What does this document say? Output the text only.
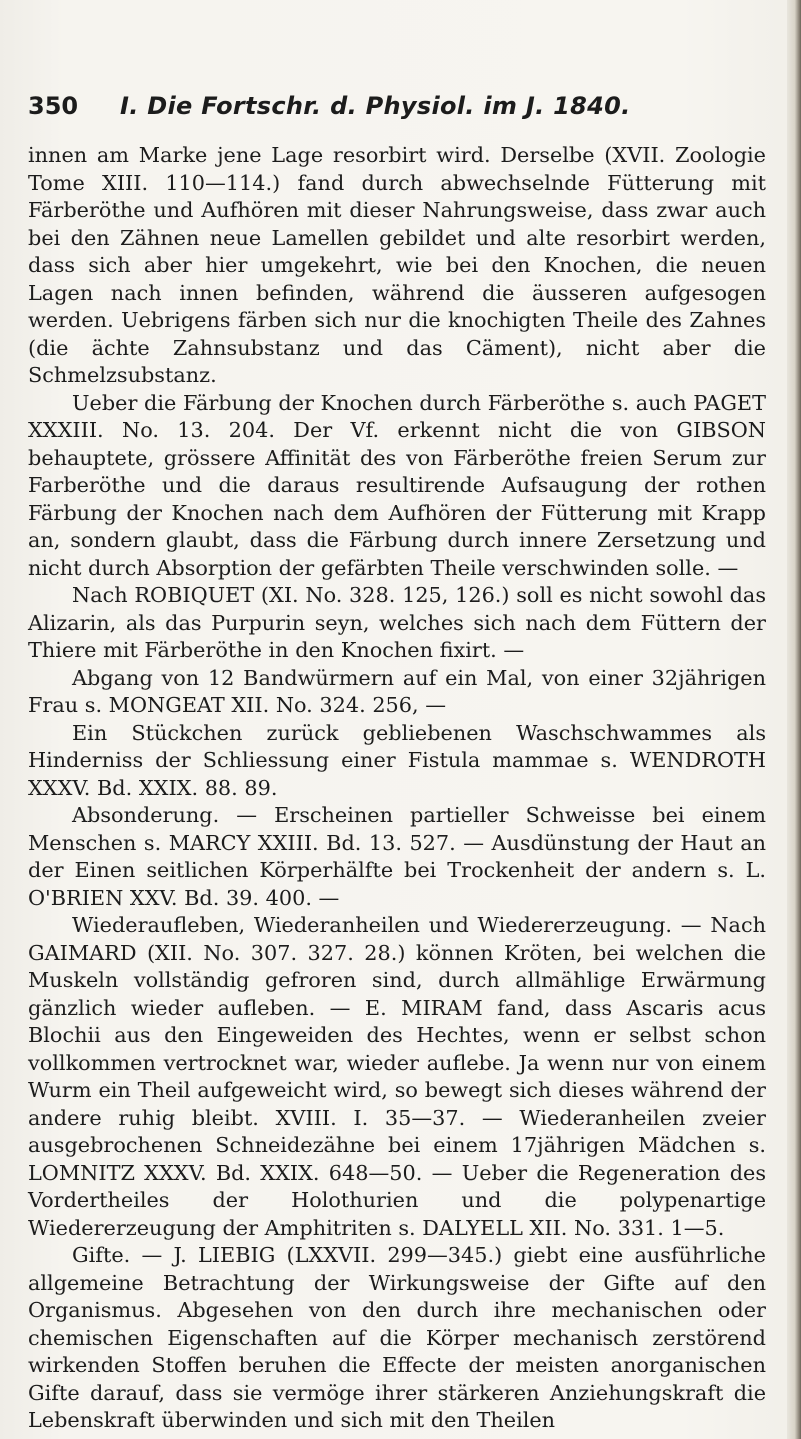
350 I. Die Fortschr. d. Physiol. im J. 1840.

innen am Marke jene Lage resorbirt wird. Derselbe (XVII. Zoologie Tome XIII. 110—114.) fand durch abwechselnde Fütterung mit Färberöthe und Aufhören mit dieser Nahrungsweise, dass zwar auch bei den Zähnen neue Lamellen gebildet und alte resorbirt werden, dass sich aber hier umgekehrt, wie bei den Knochen, die neuen Lagen nach innen befinden, während die äusseren aufgesogen werden. Uebrigens färben sich nur die knochigten Theile des Zahnes (die ächte Zahnsubstanz und das Cäment), nicht aber die Schmelzsubstanz.

Ueber die Färbung der Knochen durch Färberöthe s. auch PAGET XXXIII. No. 13. 204. Der Vf. erkennt nicht die von GIBSON behauptete, grössere Affinität des von Färberöthe freien Serum zur Farberöthe und die daraus resultirende Aufsaugung der rothen Färbung der Knochen nach dem Aufhören der Fütterung mit Krapp an, sondern glaubt, dass die Färbung durch innere Zersetzung und nicht durch Absorption der gefärbten Theile verschwinden solle. —

Nach ROBIQUET (XI. No. 328. 125, 126.) soll es nicht sowohl das Alizarin, als das Purpurin seyn, welches sich nach dem Füttern der Thiere mit Färberöthe in den Knochen fixirt. —

Abgang von 12 Bandwürmern auf ein Mal, von einer 32jährigen Frau s. MONGEAT XII. No. 324. 256, —

Ein Stückchen zurück gebliebenen Waschschwammes als Hinderniss der Schliessung einer Fistula mammae s. WENDROTH XXXV. Bd. XXIX. 88. 89.

Absonderung. — Erscheinen partieller Schweisse bei einem Menschen s. MARCY XXIII. Bd. 13. 527. — Ausdünstung der Haut an der Einen seitlichen Körperhälfte bei Trockenheit der andern s. L. O'BRIEN XXV. Bd. 39. 400. —

Wiederaufleben, Wiederanheilen und Wiedererzeugung. — Nach GAIMARD (XII. No. 307. 327. 28.) können Kröten, bei welchen die Muskeln vollständig gefroren sind, durch allmählige Erwärmung gänzlich wieder aufleben. — E. MIRAM fand, dass Ascaris acus Blochii aus den Eingeweiden des Hechtes, wenn er selbst schon vollkommen vertrocknet war, wieder auflebe. Ja wenn nur von einem Wurm ein Theil aufgeweicht wird, so bewegt sich dieses während der andere ruhig bleibt. XVIII. I. 35—37. — Wiederanheilen zveier ausgebrochenen Schneidezähne bei einem 17jährigen Mädchen s. LOMNITZ XXXV. Bd. XXIX. 648—50. — Ueber die Regeneration des Vordertheiles der Holothurien und die polypenartige Wiedererzeugung der Amphitriten s. DALYELL XII. No. 331. 1—5.

Gifte. — J. LIEBIG (LXXVII. 299—345.) giebt eine ausführliche allgemeine Betrachtung der Wirkungsweise der Gifte auf den Organismus. Abgesehen von den durch ihre mechanischen oder chemischen Eigenschaften auf die Körper mechanisch zerstörend wirkenden Stoffen beruhen die Effecte der meisten anorganischen Gifte darauf, dass sie vermöge ihrer stärkeren Anziehungskraft die Lebenskraft überwinden und sich mit den Theilen
